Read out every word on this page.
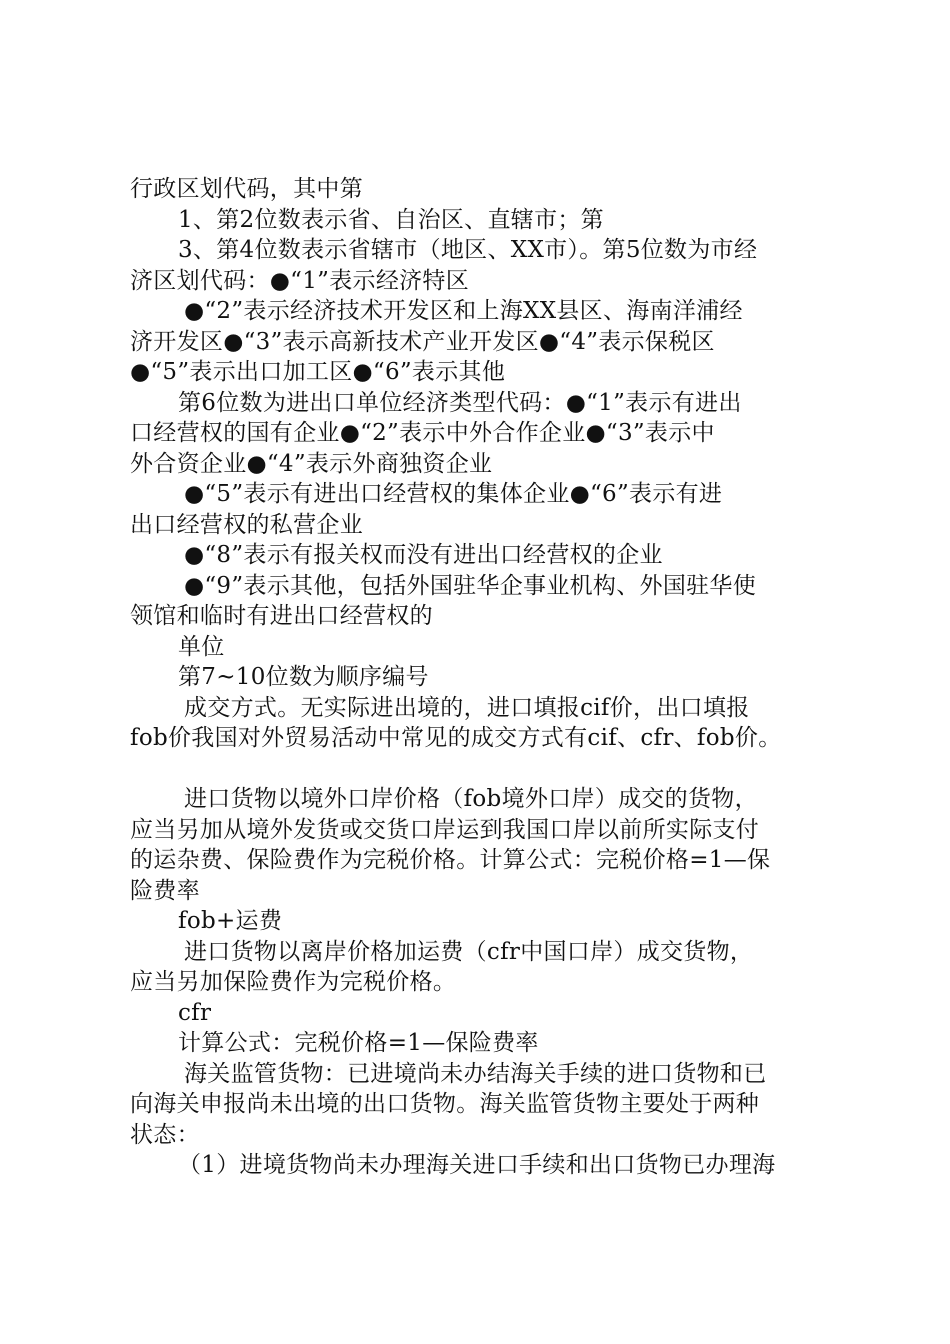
行政区划代码，其中第
1、第2位数表示省、自治区、直辖市；第
3、第4位数表示省辖市（地区、XX市）。第5位数为市经
济区划代码：●“1”表示经济特区
●“2”表示经济技术开发区和上海XX县区、海南洋浦经
济开发区●“3”表示高新技术产业开发区●“4”表示保税区
●“5”表示出口加工区●“6”表示其他
第6位数为进出口单位经济类型代码：●“1”表示有进出
口经营权的国有企业●“2”表示中外合作企业●“3”表示中
外合资企业●“4”表示外商独资企业
●“5”表示有进出口经营权的集体企业●“6”表示有进
出口经营权的私营企业
●“8”表示有报关权而没有进出口经营权的企业
●“9”表示其他，包括外国驻华企事业机构、外国驻华使
领馆和临时有进出口经营权的
单位
第7~10位数为顺序编号
成交方式。无实际进出境的，进口填报cif价，出口填报
fob价我国对外贸易活动中常见的成交方式有cif、cfr、fob价。
进口货物以境外口岸价格（fob境外口岸）成交的货物，
应当另加从境外发货或交货口岸运到我国口岸以前所实际支付
的运杂费、保险费作为完税价格。计算公式：完税价格=1—保
险费率
fob+运费
进口货物以离岸价格加运费（cfr中国口岸）成交货物，
应当另加保险费作为完税价格。
cfr
计算公式：完税价格=1—保险费率
海关监管货物：已进境尚未办结海关手续的进口货物和已
向海关申报尚未出境的出口货物。海关监管货物主要处于两种
状态：
（1）进境货物尚未办理海关进口手续和出口货物已办理海
